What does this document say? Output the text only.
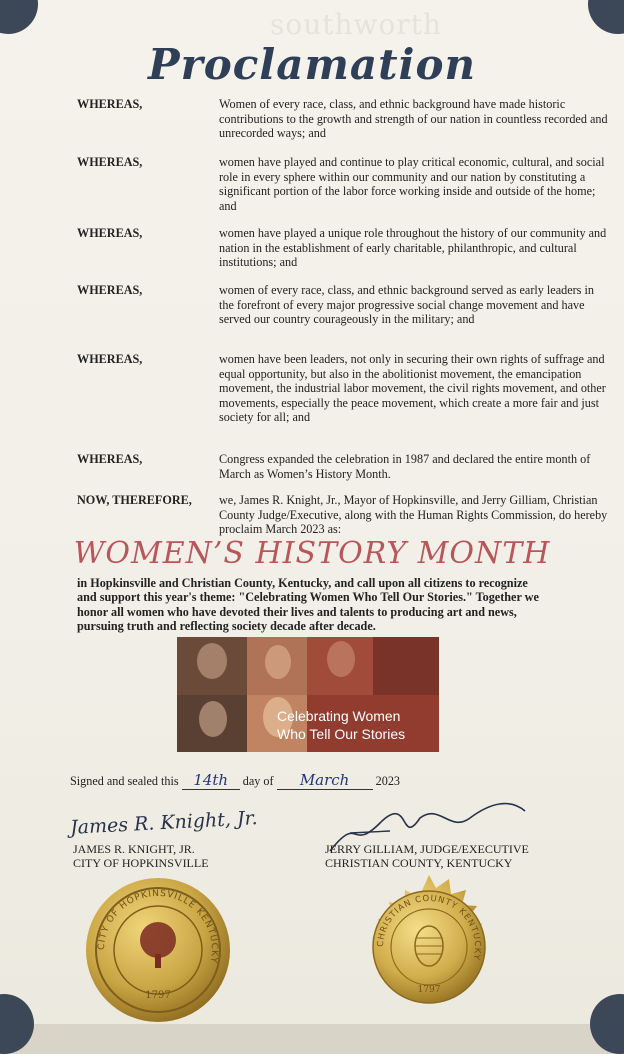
southworth
Proclamation
WHEREAS,	Women of every race, class, and ethnic background have made historic contributions to the growth and strength of our nation in countless recorded and unrecorded ways; and
WHEREAS,	women have played and continue to play critical economic, cultural, and social role in every sphere within our community and our nation by constituting a significant portion of the labor force working inside and outside of the home; and
WHEREAS,	women have played a unique role throughout the history of our community and nation in the establishment of early charitable, philanthropic, and cultural institutions; and
WHEREAS,	women of every race, class, and ethnic background served as early leaders in the forefront of every major progressive social change movement and have served our country courageously in the military; and
WHEREAS,	women have been leaders, not only in securing their own rights of suffrage and equal opportunity, but also in the abolitionist movement, the emancipation movement, the industrial labor movement, the civil rights movement, and other movements, especially the peace movement, which create a more fair and just society for all; and
WHEREAS,	Congress expanded the celebration in 1987 and declared the entire month of March as Women’s History Month.
NOW, THEREFORE, we, James R. Knight, Jr., Mayor of Hopkinsville, and Jerry Gilliam, Christian County Judge/Executive, along with the Human Rights Commission, do hereby proclaim March 2023 as:
WOMEN’S HISTORY MONTH
in Hopkinsville and Christian County, Kentucky, and call upon all citizens to recognize and support this year's theme: "Celebrating Women Who Tell Our Stories." Together we honor all women who have devoted their lives and talents to producing art and news, pursuing truth and reflecting society decade after decade.
Celebrating Women
Who Tell Our Stories
Signed and sealed this 14th day of March 2023
James R. Knight, Jr.
JAMES R. KNIGHT, JR.
CITY OF HOPKINSVILLE
JERRY GILLIAM, JUDGE/EXECUTIVE
CHRISTIAN COUNTY, KENTUCKY
CITY OF HOPKINSVILLE KENTUCKY
1797
CHRISTIAN COUNTY KENTUCKY
1797
